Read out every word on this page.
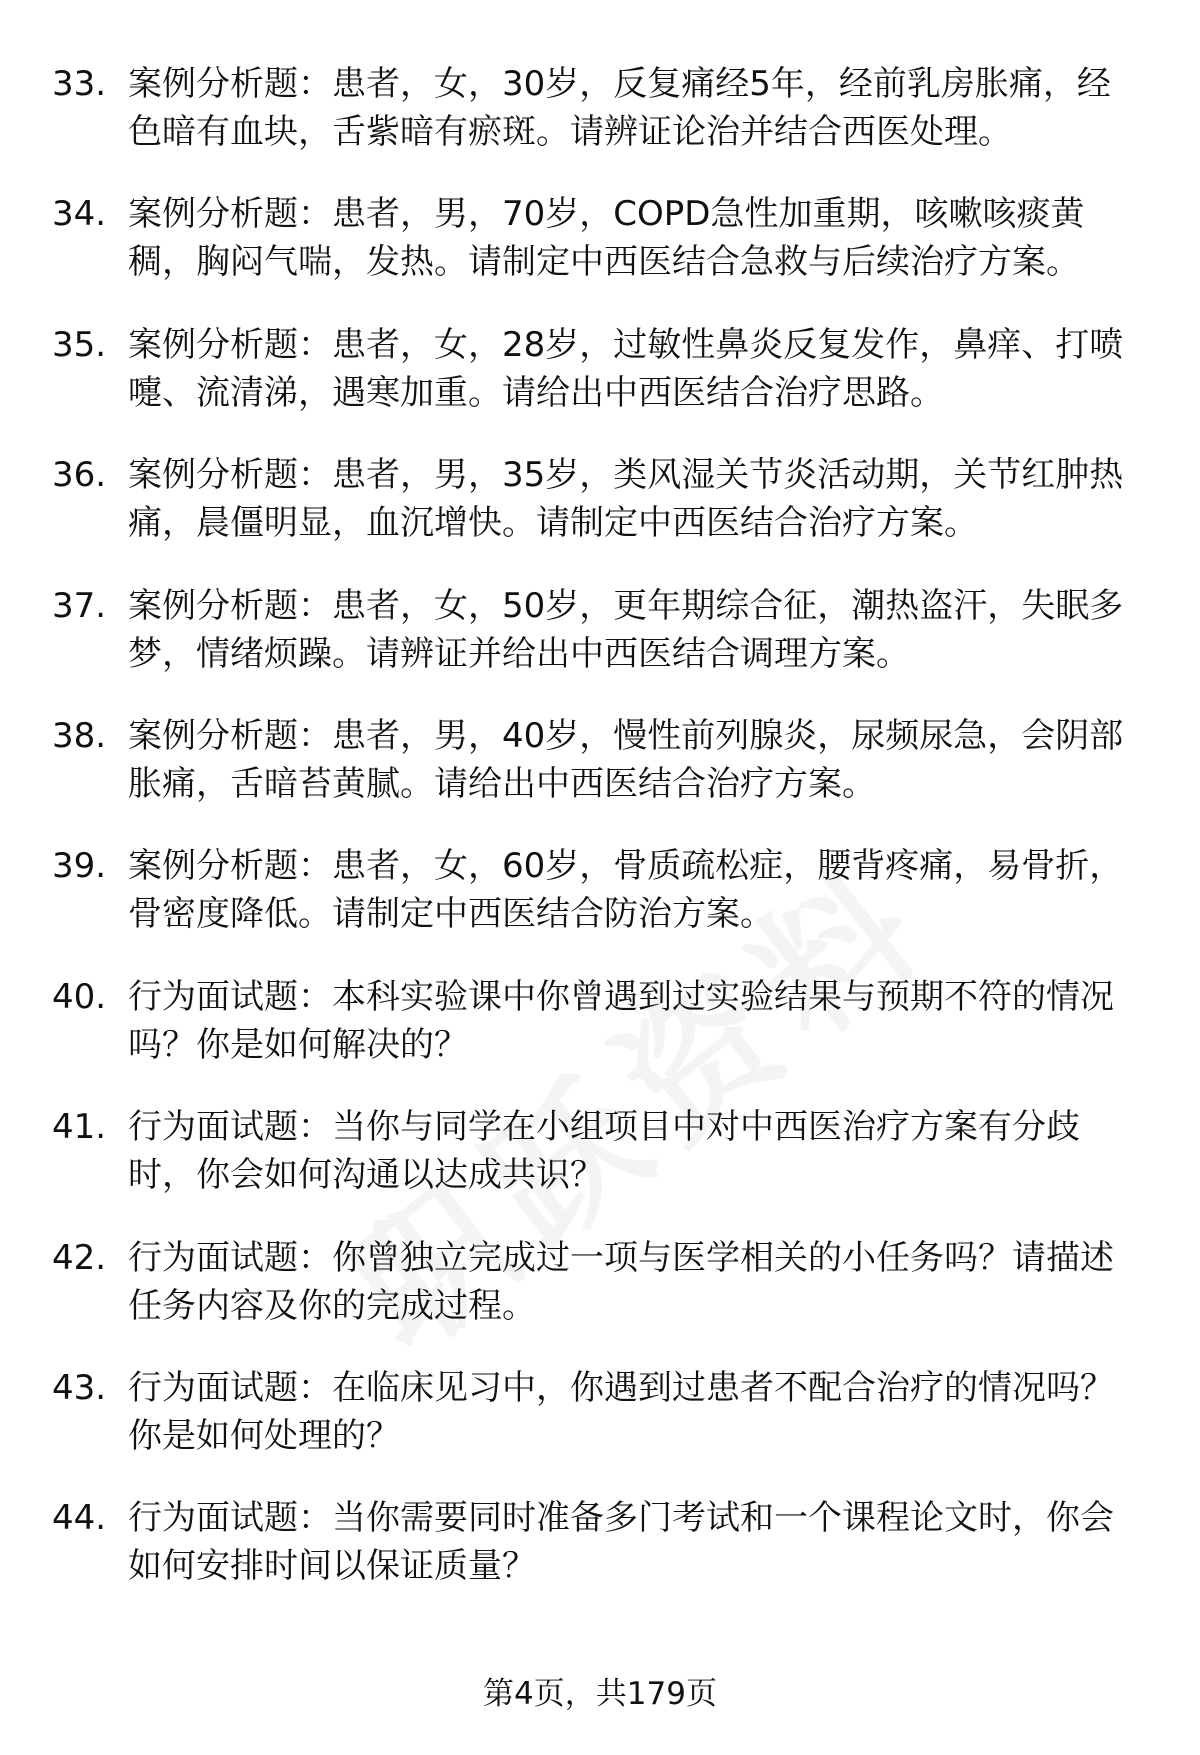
33. 案例分析题：患者，女，30岁，反复痛经5年，经前乳房胀痛，经色暗有血块，舌紫暗有瘀斑。请辨证论治并结合西医处理。
34. 案例分析题：患者，男，70岁，COPD急性加重期，咳嗽咳痰黄稠，胸闷气喘，发热。请制定中西医结合急救与后续治疗方案。
35. 案例分析题：患者，女，28岁，过敏性鼻炎反复发作，鼻痒、打喷嚏、流清涕，遇寒加重。请给出中西医结合治疗思路。
36. 案例分析题：患者，男，35岁，类风湿关节炎活动期，关节红肿热痛，晨僵明显，血沉增快。请制定中西医结合治疗方案。
37. 案例分析题：患者，女，50岁，更年期综合征，潮热盗汗，失眠多梦，情绪烦躁。请辨证并给出中西医结合调理方案。
38. 案例分析题：患者，男，40岁，慢性前列腺炎，尿频尿急，会阴部胀痛，舌暗苔黄腻。请给出中西医结合治疗方案。
39. 案例分析题：患者，女，60岁，骨质疏松症，腰背疼痛，易骨折，骨密度降低。请制定中西医结合防治方案。
40. 行为面试题：本科实验课中你曾遇到过实验结果与预期不符的情况吗？你是如何解决的？
41. 行为面试题：当你与同学在小组项目中对中西医治疗方案有分歧时，你会如何沟通以达成共识？
42. 行为面试题：你曾独立完成过一项与医学相关的小任务吗？请描述任务内容及你的完成过程。
43. 行为面试题：在临床见习中，你遇到过患者不配合治疗的情况吗？你是如何处理的？
44. 行为面试题：当你需要同时准备多门考试和一个课程论文时，你会如何安排时间以保证质量？
第4页，共179页
